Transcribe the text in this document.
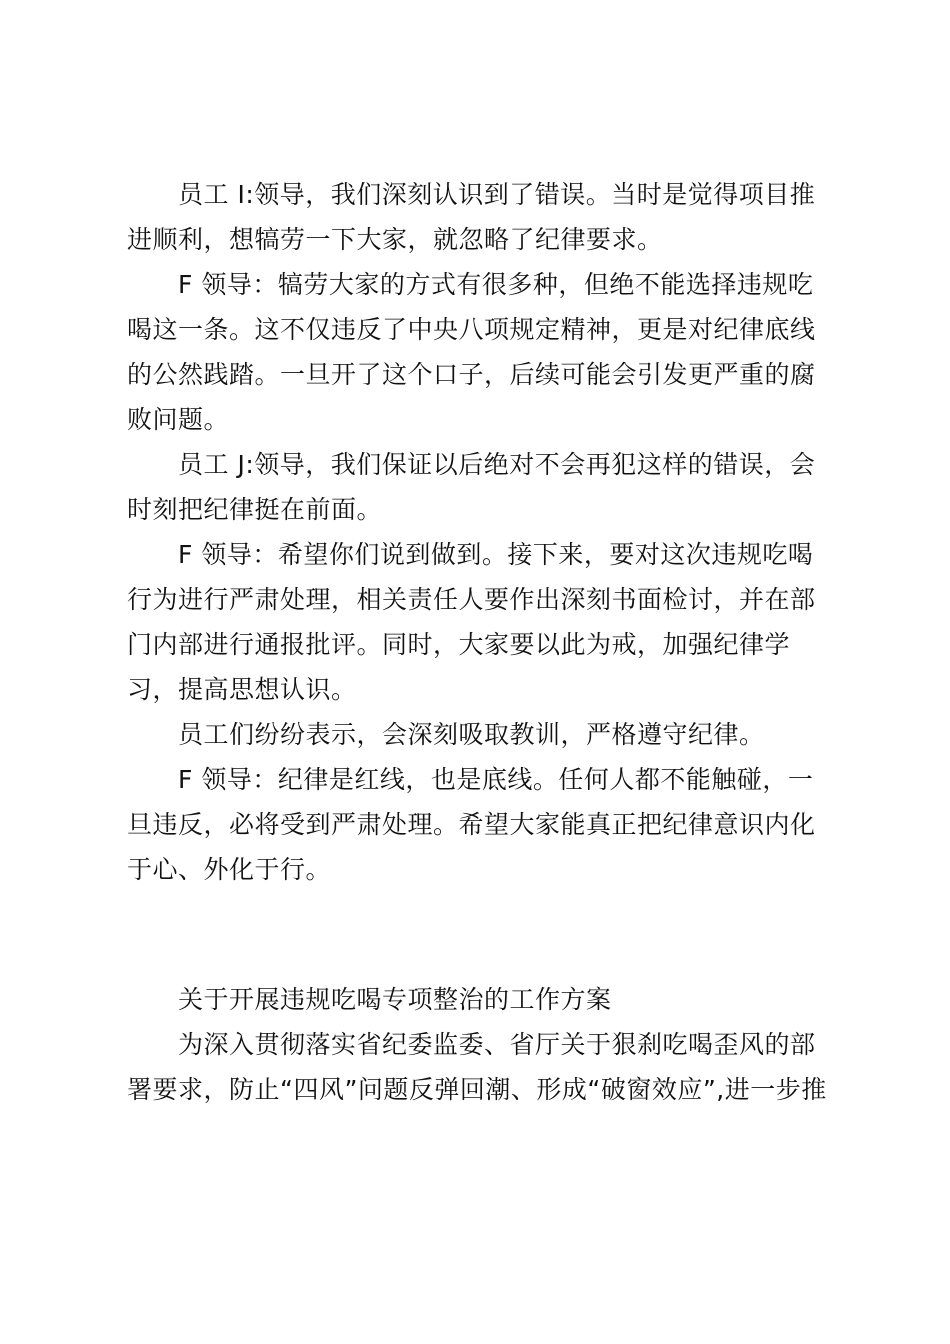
员工 I:领导，我们深刻认识到了错误。当时是觉得项目推
进顺利，想犒劳一下大家，就忽略了纪律要求。
F 领导：犒劳大家的方式有很多种，但绝不能选择违规吃
喝这一条。这不仅违反了中央八项规定精神，更是对纪律底线
的公然践踏。一旦开了这个口子，后续可能会引发更严重的腐
败问题。
员工 J:领导，我们保证以后绝对不会再犯这样的错误，会
时刻把纪律挺在前面。
F 领导：希望你们说到做到。接下来，要对这次违规吃喝
行为进行严肃处理，相关责任人要作出深刻书面检讨，并在部
门内部进行通报批评。同时，大家要以此为戒，加强纪律学
习，提高思想认识。
员工们纷纷表示，会深刻吸取教训，严格遵守纪律。
F 领导：纪律是红线，也是底线。任何人都不能触碰，一
旦违反，必将受到严肃处理。希望大家能真正把纪律意识内化
于心、外化于行。
关于开展违规吃喝专项整治的工作方案
为深入贯彻落实省纪委监委、省厅关于狠刹吃喝歪风的部
署要求，防止“四风”问题反弹回潮、形成“破窗效应”,进一步推
